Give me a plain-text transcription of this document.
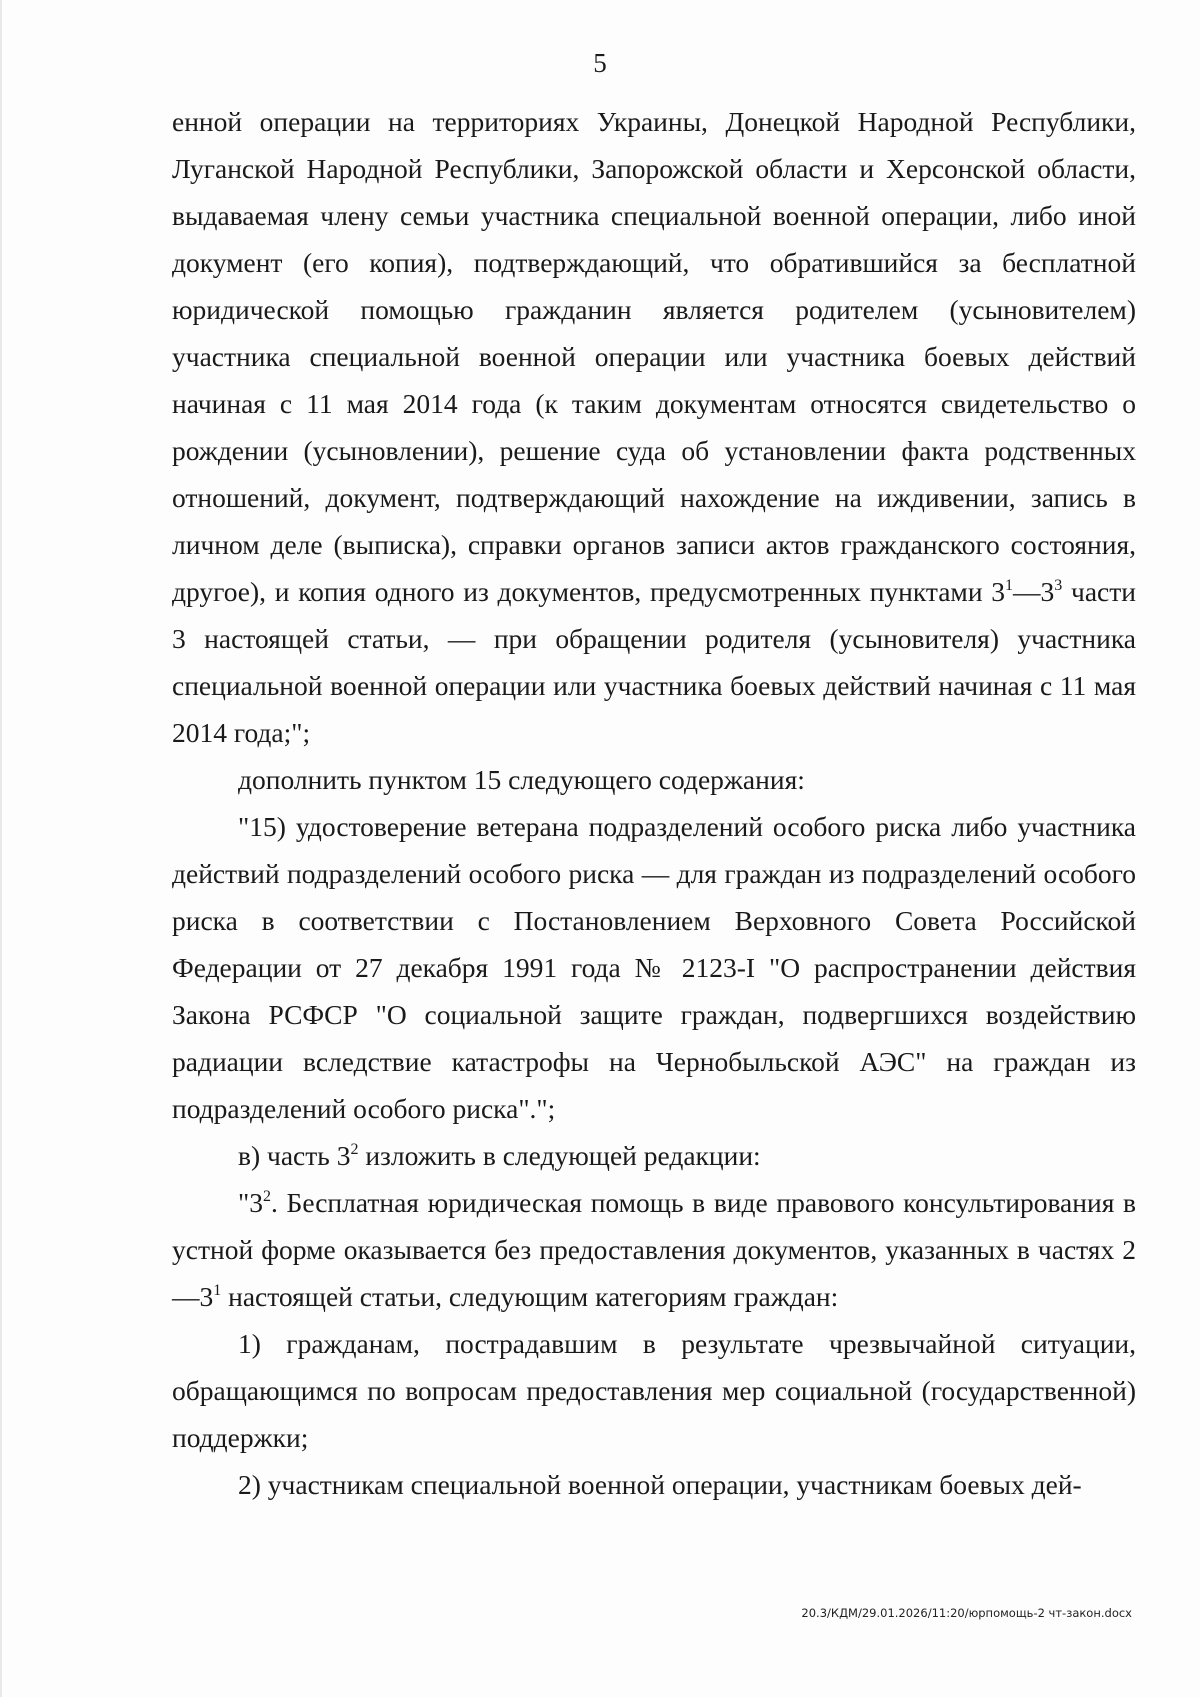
5

енной операции на территориях Украины, Донецкой Народной Республики, Луганской Народной Республики, Запорожской области и Херсонской области, выдаваемая члену семьи участника специальной военной операции, либо иной документ (его копия), подтверждающий, что обратившийся за бесплатной юридической помощью гражданин является родителем (усыновителем) участника специальной военной операции или участника боевых действий начиная с 11 мая 2014 года (к таким документам относятся свидетельство о рождении (усыновлении), решение суда об установлении факта родственных отношений, документ, подтверждающий нахождение на иждивении, запись в личном деле (выписка), справки органов записи актов гражданского состояния, другое), и копия одного из документов, предусмотренных пунктами $3^1—3^3$ части 3 настоящей статьи, — при обращении родителя (усыновителя) участника специальной военной операции или участника боевых действий начиная с 11 мая 2014 года;";

дополнить пунктом 15 следующего содержания:

"15) удостоверение ветерана подразделений особого риска либо участника действий подразделений особого риска — для граждан из подразделений особого риска в соответствии с Постановлением Верховного Совета Российской Федерации от 27 декабря 1991 года № 2123-I "О распространении действия Закона РСФСР "О социальной защите граждан, подвергшихся воздействию радиации вследствие катастрофы на Чернобыльской АЭС" на граждан из подразделений особого риска".";

в) часть $3^2$ изложить в следующей редакции:

"$3^2$. Бесплатная юридическая помощь в виде правового консультирования в устной форме оказывается без предоставления документов, указанных в частях $2—3^1$ настоящей статьи, следующим категориям граждан:

1) гражданам, пострадавшим в результате чрезвычайной ситуации, обращающимся по вопросам предоставления мер социальной (государственной) поддержки;

2) участникам специальной военной операции, участникам боевых дей-

20.3/КДМ/29.01.2026/11:20/юрпомощь-2 чт-закон.docx
